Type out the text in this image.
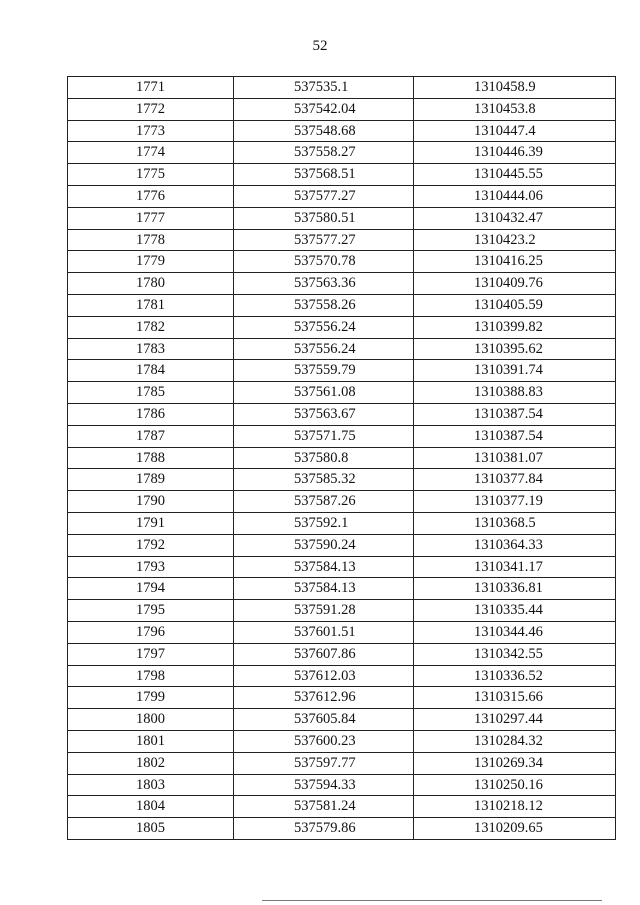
52
1771	537535.1	1310458.9
1772	537542.04	1310453.8
1773	537548.68	1310447.4
1774	537558.27	1310446.39
1775	537568.51	1310445.55
1776	537577.27	1310444.06
1777	537580.51	1310432.47
1778	537577.27	1310423.2
1779	537570.78	1310416.25
1780	537563.36	1310409.76
1781	537558.26	1310405.59
1782	537556.24	1310399.82
1783	537556.24	1310395.62
1784	537559.79	1310391.74
1785	537561.08	1310388.83
1786	537563.67	1310387.54
1787	537571.75	1310387.54
1788	537580.8	1310381.07
1789	537585.32	1310377.84
1790	537587.26	1310377.19
1791	537592.1	1310368.5
1792	537590.24	1310364.33
1793	537584.13	1310341.17
1794	537584.13	1310336.81
1795	537591.28	1310335.44
1796	537601.51	1310344.46
1797	537607.86	1310342.55
1798	537612.03	1310336.52
1799	537612.96	1310315.66
1800	537605.84	1310297.44
1801	537600.23	1310284.32
1802	537597.77	1310269.34
1803	537594.33	1310250.16
1804	537581.24	1310218.12
1805	537579.86	1310209.65
